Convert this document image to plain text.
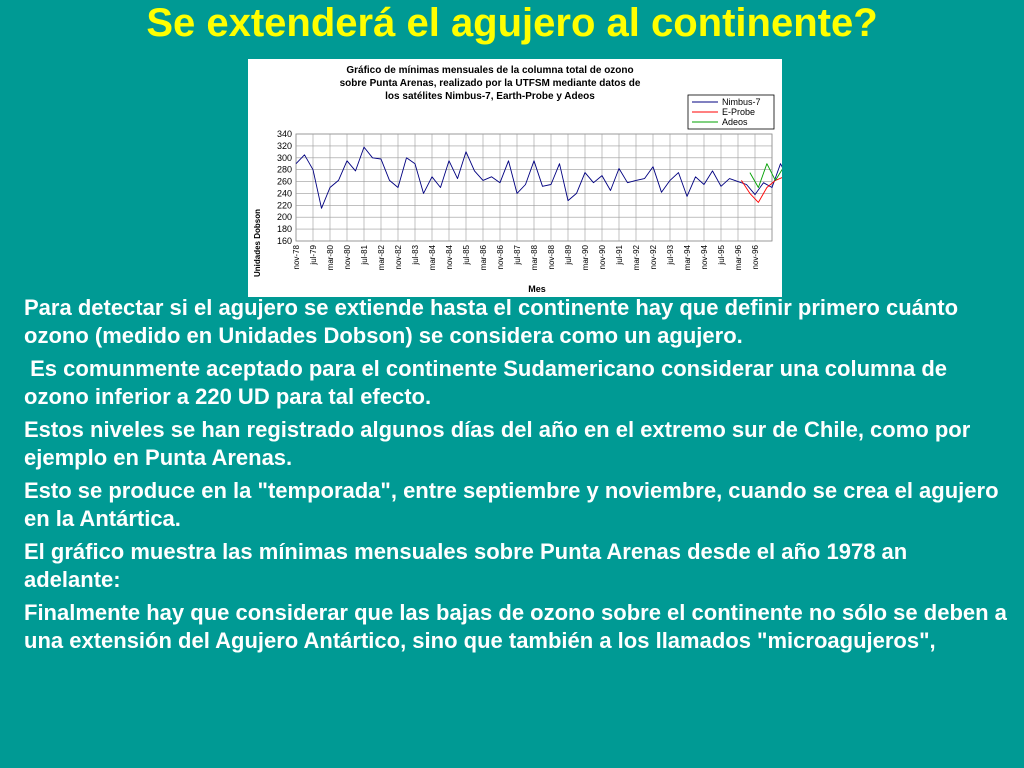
Se extenderá el agujero al continente?
Gráfico de mínimas mensuales de la columna total de ozono
sobre Punta Arenas, realizado por la UTFSM mediante datos de
los satélites Nimbus-7, Earth-Probe y Adeos
Unidades Dobson
Mes
160
180
200
220
240
260
280
300
320
340
nov-78 jul-79 mar-80 nov-80 jul-81 mar-82 nov-82 jul-83 mar-84 nov-84 jul-85 mar-86 nov-86 jul-87 mar-88 nov-88 jul-89 mar-90 nov-90 jul-91 mar-92 nov-92 jul-93 mar-94 nov-94 jul-95 mar-96 nov-96
Nimbus-7
E-Probe
Adeos

Para detectar si el agujero se extiende hasta el continente hay que definir primero cuánto ozono (medido en Unidades Dobson) se considera como un agujero.

Es comunmente aceptado para el continente Sudamericano considerar una columna de ozono inferior a 220 UD para tal efecto.

Estos niveles se han registrado algunos días del año en el extremo sur de Chile, como por ejemplo en Punta Arenas.

Esto se produce en la "temporada", entre septiembre y noviembre, cuando se crea el agujero en la Antártica.

El gráfico muestra las mínimas mensuales sobre Punta Arenas desde el año 1978 an adelante:

Finalmente hay que considerar que las bajas de ozono sobre el continente no sólo se deben a una extensión del Agujero Antártico, sino que también a los llamados "microagujeros",
